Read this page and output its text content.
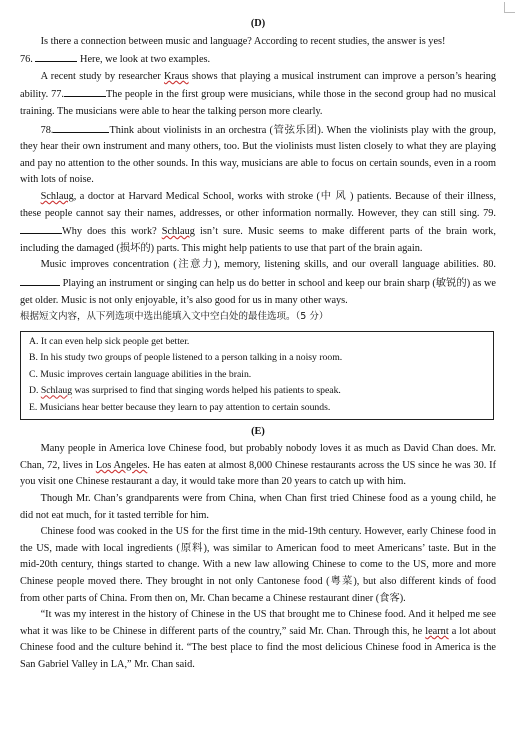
(D)

Is there a connection between music and language? According to recent studies, the answer is yes!

76.	Here, we look at two examples.

A recent study by researcher Kraus shows that playing a musical instrument can improve a person’s hearing ability. 77.	The people in the first group were musicians, while those in the second group had no musical training. The musicians were able to hear the talking person more clearly.

78.	Think about violinists in an orchestra (管弦乐团). When the violinists play with the group, they hear their own instrument and many others, too. But the violinists must listen closely to what they are playing and pay no attention to the other sounds. In this way, musicians are able to focus on certain sounds, even in a room with lots of noise.

Schlaug, a doctor at Harvard Medical School, works with stroke (中 风 ) patients. Because of their illness, these people cannot say their names, addresses, or other information normally. However, they can still sing. 79.Why does this work? Schlaug isn’t sure. Music seems to make different parts of the brain work, including the damaged (损坏的) parts. This might help patients to use that part of the brain again.

Music improves concentration (注意力), memory, listening skills, and our overall language abilities. 80.  Playing an instrument or singing can help us do better in school and keep our brain sharp (敏锐的) as we get older. Music is not only enjoyable, it’s also good for us in many other ways.

根据短文内容，从下列选项中选出能填入文中空白处的最佳选项。（5 分）

A. It can even help sick people get better.
B. In his study two groups of people listened to a person talking in a noisy room.
C. Music improves certain language abilities in the brain.
D. Schlaug was surprised to find that singing words helped his patients to speak.
E. Musicians hear better because they learn to pay attention to certain sounds.
(E)

Many people in America love Chinese food, but probably nobody loves it as much as David Chan does. Mr. Chan, 72, lives in Los Angeles. He has eaten at almost 8,000 Chinese restaurants across the US since he was 30. If you visit one Chinese restaurant a day, it would take more than 20 years to catch up with him.

Though Mr. Chan’s grandparents were from China, when Chan first tried Chinese food as a young child, he did not eat much, for it tasted terrible for him.

Chinese food was cooked in the US for the first time in the mid-19th century. However, early Chinese food in the US, made with local ingredients (原料), was similar to American food to meet Americans’ taste. But in the mid-20th century, things started to change. With a new law allowing Chinese to come to the US, more and more Chinese people moved there. They brought in not only Cantonese food (粤菜), but also different kinds of food from other parts of China. From then on, Mr. Chan became a Chinese restaurant diner (食客).

“It was my interest in the history of Chinese in the US that brought me to Chinese food. And it helped me see what it was like to be Chinese in different parts of the country,” said Mr. Chan. Through this, he learnt a lot about Chinese food and the culture behind it. “The best place to find the most delicious Chinese food in America is the San Gabriel Valley in LA,” Mr. Chan said.
